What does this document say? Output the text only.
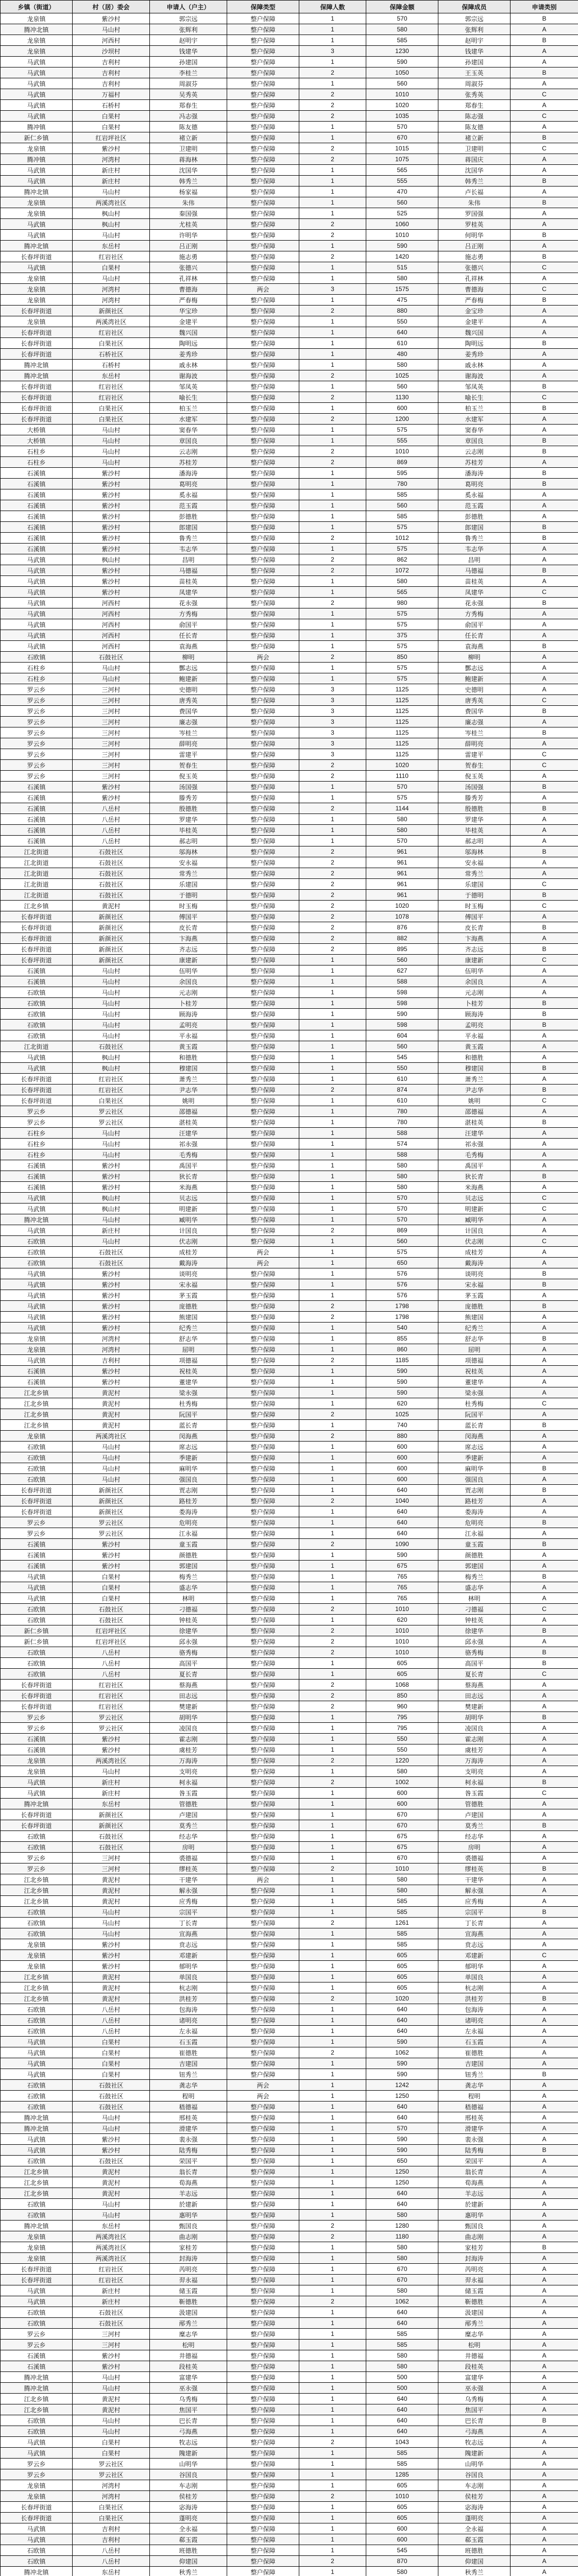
乡镇（街道）	村（居）委会	申请人（户主）	保障类型	保障人数	保障金额	保障成员	申请类别
龙泉镇	紫沙村	郭宗远	整户保障	1	570	郭宗远	B
腾冲北镇	马山村	张辉利	整户保障	1	580	张辉利	A
龙泉镇	河西村	赵明宇	整户保障	1	585	赵明宇	B
龙泉镇	沙坝村	钱建华	整户保障	3	1230	钱建华	A
马武镇	吉利村	孙建国	整户保障	1	590	孙建国	A
马武镇	吉利村	李桂兰	整户保障	2	1050	王玉英	B
马武镇	吉利村	周淑芬	整户保障	1	560	周淑芬	A
马武镇	万福村	吴秀英	整户保障	2	1010	张秀英	C
马武镇	石桥村	郑春生	整户保障	2	1020	郑春生	A
马武镇	白果村	冯志强	整户保障	2	1035	陈志强	C
腾冲镇	白果村	陈友德	整户保障	1	570	陈友德	A
新仁乡镇	红岩坪社区	褚立新	整户保障	1	670	褚立新	B
龙泉镇	紫沙村	卫建明	整户保障	2	1015	卫建明	C
腾冲镇	河湾村	蒋海林	整户保障	2	1075	蒋国庆	A
马武镇	新庄村	沈国华	整户保障	1	565	沈国华	A
马武镇	新庄村	韩秀兰	整户保障	1	555	韩秀兰	B
腾冲北镇	马山村	杨家福	整户保障	1	470	卢长福	A
龙泉镇	两溪湾社区	朱伟	整户保障	1	560	朱伟	B
龙泉镇	枫山村	秦国强	整户保障	1	525	罗国强	A
马武镇	枫山村	尤桂英	整户保障	2	1060	罗桂英	A
马武镇	马山村	许明华	整户保障	2	1010	何明华	B
腾冲北镇	东岳村	吕正刚	整户保障	1	590	吕正刚	A
长春坪街道	红岩社区	施志勇	整户保障	2	1420	施志勇	B
马武镇	白果村	张德兴	整户保障	1	515	张德兴	C
龙泉镇	马山村	孔祥林	整户保障	1	580	孔祥林	A
龙泉镇	河湾村	曹德海	两会	3	1575	曹德海	C
龙泉镇	河湾村	严春梅	整户保障	1	475	严春梅	B
长春坪街道	新颜社区	华宝珍	整户保障	2	880	金宝珍	A
龙泉镇	两溪湾社区	金建平	整户保障	1	550	金建平	A
长春坪街道	红岩社区	魏兴国	整户保障	1	640	魏兴国	A
长春坪街道	白果社区	陶明远	整户保障	1	610	陶明远	B
长春坪街道	石桥社区	姜秀珍	整户保障	1	480	姜秀珍	A
腾冲北镇	石桥村	戚永林	整户保障	1	580	戚永林	A
腾冲北镇	东岳村	谢海波	整户保障	2	1025	谢海波	A
长春坪街道	红岩社区	邹凤英	整户保障	1	560	邹凤英	B
长春坪街道	红岩社区	喻长生	整户保障	2	1130	喻长生	C
长春坪街道	白果社区	柏玉兰	整户保障	1	600	柏玉兰	B
长春坪街道	白果社区	水建军	整户保障	2	1200	水建军	A
大桥镇	马山村	窦春华	整户保障	1	575	窦春华	A
大桥镇	马山村	章国良	整户保障	1	555	章国良	B
石柱乡	马山村	云志刚	整户保障	2	1010	云志刚	B
石柱乡	马山村	苏桂芳	整户保障	2	869	苏桂芳	A
石溪镇	紫沙村	潘海涛	整户保障	1	595	潘海涛	B
石溪镇	紫沙村	葛明亮	整户保障	1	780	葛明亮	B
石溪镇	紫沙村	奚永福	整户保障	1	585	奚永福	A
石溪镇	紫沙村	范玉霞	整户保障	1	560	范玉霞	A
石溪镇	紫沙村	彭德胜	整户保障	1	585	彭德胜	A
石溪镇	紫沙村	郎建国	整户保障	1	575	郎建国	B
石溪镇	紫沙村	鲁秀兰	整户保障	2	1012	鲁秀兰	B
石溪镇	紫沙村	韦志华	整户保障	1	575	韦志华	A
马武镇	枫山村	昌明	整户保障	2	862	昌明	A
马武镇	紫沙村	马德福	整户保障	2	1072	马德福	B
马武镇	紫沙村	苗桂英	整户保障	1	580	苗桂英	A
马武镇	紫沙村	凤建华	整户保障	1	565	凤建华	C
马武镇	河西村	花永强	整户保障	2	980	花永强	B
马武镇	河西村	方秀梅	整户保障	1	575	方秀梅	A
马武镇	河西村	俞国平	整户保障	1	575	俞国平	A
马武镇	河西村	任长青	整户保障	1	375	任长青	A
马武镇	河西村	袁海燕	整户保障	1	575	袁海燕	B
石欧镇	石鼓社区	柳明	两会	2	850	柳明	A
石柱乡	马山村	酆志远	整户保障	1	575	酆志远	A
石柱乡	马山村	鲍建新	整户保障	1	575	鲍建新	A
罗云乡	三河村	史德明	整户保障	3	1125	史德明	A
罗云乡	三河村	唐秀英	整户保障	3	1125	唐秀英	C
罗云乡	三河村	费国华	整户保障	3	1125	费国华	B
罗云乡	三河村	廉志强	整户保障	3	1125	廉志强	A
罗云乡	三河村	岑桂兰	整户保障	3	1125	岑桂兰	B
罗云乡	三河村	薛明亮	整户保障	3	1125	薛明亮	A
罗云乡	三河村	雷建平	整户保障	3	1125	雷建平	C
罗云乡	三河村	贺春生	整户保障	2	1020	贺春生	C
罗云乡	三河村	倪玉英	整户保障	2	1110	倪玉英	A
石溪镇	紫沙村	汤国强	整户保障	1	570	汤国强	B
石溪镇	紫沙村	滕秀芳	整户保障	1	575	滕秀芳	A
石溪镇	八岳村	殷德胜	整户保障	2	1144	殷德胜	B
石溪镇	八岳村	罗建华	整户保障	1	580	罗建华	A
石溪镇	八岳村	毕桂英	整户保障	1	580	毕桂英	A
石溪镇	八岳村	郝志明	整户保障	1	570	郝志明	A
江北街道	石鼓社区	邬海林	整户保障	2	961	邬海林	B
江北街道	石鼓社区	安永福	整户保障	2	961	安永福	A
江北街道	石鼓社区	常秀兰	整户保障	2	961	常秀兰	A
江北街道	石鼓社区	乐建国	整户保障	2	961	乐建国	C
江北街道	石鼓社区	于德明	整户保障	2	961	于德明	B
江北乡镇	黄泥村	时玉梅	整户保障	2	1020	时玉梅	C
长春坪街道	新颜社区	傅国平	整户保障	2	1078	傅国平	A
长春坪街道	新颜社区	皮长青	整户保障	2	876	皮长青	B
长春坪街道	新颜社区	卞海燕	整户保障	2	882	卞海燕	A
长春坪街道	新颜社区	齐志远	整户保障	2	895	齐志远	B
长春坪街道	新颜社区	康建新	整户保障	1	560	康建新	C
石溪镇	马山村	伍明华	整户保障	1	627	伍明华	A
石溪镇	马山村	余国良	整户保障	1	588	余国良	A
石欧镇	马山村	元志刚	整户保障	1	598	元志刚	A
石欧镇	马山村	卜桂芳	整户保障	1	598	卜桂芳	B
石欧镇	马山村	顾海涛	整户保障	1	590	顾海涛	B
石欧镇	马山村	孟明亮	整户保障	1	598	孟明亮	B
石欧镇	马山村	平永福	整户保障	1	604	平永福	A
江北街道	石鼓社区	黄玉霞	整户保障	1	560	黄玉霞	A
马武镇	枫山村	和德胜	整户保障	1	545	和德胜	A
马武镇	枫山村	穆建国	整户保障	1	550	穆建国	B
长春坪街道	红岩社区	萧秀兰	整户保障	1	610	萧秀兰	A
长春坪街道	红岩社区	尹志华	整户保障	2	874	尹志华	B
长春坪街道	白果社区	姚明	整户保障	1	610	姚明	C
罗云乡	罗云社区	邵德福	整户保障	1	780	邵德福	A
罗云乡	罗云社区	湛桂英	整户保障	1	780	湛桂英	B
石柱乡	马山村	汪建华	整户保障	1	588	汪建华	A
石柱乡	马山村	祁永强	整户保障	1	574	祁永强	A
石柱乡	马山村	毛秀梅	整户保障	1	588	毛秀梅	A
石溪镇	紫沙村	禹国平	整户保障	1	580	禹国平	A
石溪镇	紫沙村	狄长青	整户保障	1	580	狄长青	B
石溪镇	紫沙村	米海燕	整户保障	1	580	米海燕	A
马武镇	枫山村	贝志远	整户保障	1	570	贝志远	C
马武镇	枫山村	明建新	整户保障	1	570	明建新	C
腾冲北镇	马山村	臧明华	整户保障	1	570	臧明华	A
马武镇	新庄村	计国良	整户保障	2	869	计国良	A
石欧镇	马山村	伏志刚	整户保障	1	560	伏志刚	C
石欧镇	石鼓社区	成桂芳	两会	1	575	成桂芳	A
石欧镇	石鼓社区	戴海涛	两会	1	650	戴海涛	A
马武镇	紫沙村	谈明亮	整户保障	1	576	谈明亮	B
马武镇	紫沙村	宋永福	整户保障	1	576	宋永福	B
马武镇	紫沙村	茅玉霞	整户保障	1	576	茅玉霞	A
马武镇	紫沙村	庞德胜	整户保障	2	1798	庞德胜	B
马武镇	紫沙村	熊建国	整户保障	2	1798	熊建国	A
马武镇	紫沙村	纪秀兰	整户保障	1	540	纪秀兰	A
龙泉镇	河湾村	舒志华	整户保障	1	855	舒志华	B
龙泉镇	河湾村	屈明	整户保障	1	860	屈明	A
马武镇	吉利村	项德福	整户保障	2	1185	项德福	A
石溪镇	紫沙村	祝桂英	整户保障	1	590	祝桂英	A
石溪镇	紫沙村	董建华	整户保障	1	590	董建华	A
江北乡镇	黄泥村	梁永强	整户保障	1	590	梁永强	A
江北乡镇	黄泥村	杜秀梅	整户保障	1	620	杜秀梅	C
江北乡镇	黄泥村	阮国平	整户保障	2	1025	阮国平	A
江北乡镇	黄泥村	蓝长青	整户保障	1	740	蓝长青	B
龙泉镇	两溪湾社区	闵海燕	整户保障	2	880	闵海燕	A
石欧镇	马山村	席志远	整户保障	1	600	席志远	A
石欧镇	马山村	季建新	整户保障	1	600	季建新	A
石欧镇	马山村	麻明华	整户保障	1	600	麻明华	B
石欧镇	马山村	强国良	整户保障	1	600	强国良	A
长春坪街道	新颜社区	贾志刚	整户保障	1	640	贾志刚	B
长春坪街道	新颜社区	路桂芳	整户保障	2	1040	路桂芳	A
长春坪街道	新颜社区	娄海涛	整户保障	1	640	娄海涛	A
罗云乡	罗云社区	危明亮	整户保障	1	640	危明亮	B
罗云乡	罗云社区	江永福	整户保障	1	640	江永福	A
石溪镇	紫沙村	童玉霞	整户保障	2	1090	童玉霞	B
石溪镇	紫沙村	颜德胜	整户保障	1	590	颜德胜	A
石溪镇	紫沙村	郭建国	整户保障	1	675	郭建国	A
马武镇	白果村	梅秀兰	整户保障	1	765	梅秀兰	B
马武镇	白果村	盛志华	整户保障	1	765	盛志华	A
马武镇	白果村	林明	整户保障	1	765	林明	A
石欧镇	石鼓社区	刁德福	整户保障	2	1010	刁德福	C
石欧镇	石鼓社区	钟桂英	整户保障	1	620	钟桂英	A
新仁乡镇	红岩坪社区	徐建华	整户保障	2	1010	徐建华	B
新仁乡镇	红岩坪社区	邱永强	整户保障	2	1010	邱永强	A
石欧镇	八岳村	骆秀梅	整户保障	2	1010	骆秀梅	B
石欧镇	八岳村	高国平	整户保障	1	605	高国平	B
石欧镇	八岳村	夏长青	整户保障	1	605	夏长青	C
长春坪街道	红岩社区	蔡海燕	整户保障	2	1068	蔡海燕	A
长春坪街道	红岩社区	田志远	整户保障	2	850	田志远	A
长春坪街道	红岩社区	樊建新	整户保障	2	960	樊建新	A
罗云乡	罗云社区	胡明华	整户保障	1	795	胡明华	B
罗云乡	罗云社区	凌国良	整户保障	1	795	凌国良	A
石溪镇	紫沙村	霍志刚	整户保障	1	550	霍志刚	A
石溪镇	紫沙村	虞桂芳	整户保障	1	550	虞桂芳	A
龙泉镇	两溪湾社区	万海涛	整户保障	2	1220	万海涛	A
龙泉镇	马山村	支明亮	整户保障	1	580	支明亮	A
马武镇	新庄村	柯永福	整户保障	2	1002	柯永福	B
马武镇	新庄村	昝玉霞	整户保障	1	600	昝玉霞	C
腾冲北镇	东岳村	管德胜	整户保障	1	600	管德胜	A
长春坪街道	新颜社区	卢建国	整户保障	1	670	卢建国	A
长春坪街道	新颜社区	莫秀兰	整户保障	1	670	莫秀兰	B
石欧镇	石鼓社区	经志华	整户保障	1	675	经志华	A
石欧镇	石鼓社区	房明	整户保障	1	675	房明	A
罗云乡	三河村	裘德福	整户保障	1	670	裘德福	A
罗云乡	三河村	缪桂英	整户保障	2	1010	缪桂英	B
江北乡镇	黄泥村	干建华	两会	1	580	干建华	A
江北乡镇	黄泥村	解永强	整户保障	1	580	解永强	A
江北乡镇	黄泥村	应秀梅	整户保障	1	585	应秀梅	A
石欧镇	马山村	宗国平	整户保障	1	585	宗国平	B
石欧镇	马山村	丁长青	整户保障	2	1261	丁长青	A
石欧镇	马山村	宣海燕	整户保障	1	585	宣海燕	A
龙泉镇	紫沙村	贲志远	整户保障	1	585	贲志远	A
龙泉镇	紫沙村	邓建新	整户保障	1	605	邓建新	C
龙泉镇	紫沙村	郁明华	整户保障	1	605	郁明华	A
江北乡镇	黄泥村	单国良	整户保障	1	605	单国良	A
江北乡镇	黄泥村	杭志刚	整户保障	1	605	杭志刚	A
江北乡镇	黄泥村	洪桂芳	整户保障	2	1020	洪桂芳	B
石欧镇	八岳村	包海涛	整户保障	1	640	包海涛	A
石欧镇	八岳村	诸明亮	整户保障	1	640	诸明亮	A
石欧镇	八岳村	左永福	整户保障	1	640	左永福	A
马武镇	白果村	石玉霞	整户保障	1	590	石玉霞	A
马武镇	白果村	崔德胜	整户保障	2	1062	崔德胜	A
马武镇	白果村	吉建国	整户保障	1	590	吉建国	A
马武镇	白果村	钮秀兰	整户保障	1	590	钮秀兰	B
石欧镇	石鼓社区	龚志华	两会	1	1242	龚志华	A
石欧镇	石鼓社区	程明	两会	1	1250	程明	A
石欧镇	石鼓社区	嵇德福	整户保障	1	640	嵇德福	A
腾冲北镇	马山村	邢桂英	整户保障	1	640	邢桂英	A
腾冲北镇	马山村	滑建华	整户保障	1	570	滑建华	A
马武镇	紫沙村	裴永强	整户保障	1	590	裴永强	A
马武镇	紫沙村	陆秀梅	整户保障	1	590	陆秀梅	B
石欧镇	石鼓社区	荣国平	整户保障	1	650	荣国平	A
江北乡镇	黄泥村	翁长青	整户保障	1	1250	翁长青	A
江北乡镇	黄泥村	荀海燕	整户保障	1	1250	荀海燕	A
江北乡镇	黄泥村	羊志远	整户保障	1	640	羊志远	A
石欧镇	马山村	於建新	整户保障	1	640	於建新	A
石欧镇	马山村	惠明华	整户保障	1	580	惠明华	A
腾冲北镇	东岳村	甄国良	整户保障	2	1280	甄国良	A
龙泉镇	两溪湾社区	曲志刚	整户保障	2	1180	曲志刚	A
龙泉镇	两溪湾社区	家桂芳	整户保障	1	580	家桂芳	B
龙泉镇	两溪湾社区	封海涛	整户保障	1	580	封海涛	A
长春坪街道	红岩社区	芮明亮	整户保障	1	670	芮明亮	A
长春坪街道	红岩社区	羿永福	整户保障	1	670	羿永福	A
马武镇	新庄村	储玉霞	整户保障	1	580	储玉霞	A
马武镇	新庄村	靳德胜	整户保障	2	1062	靳德胜	A
石欧镇	石鼓社区	汲建国	整户保障	1	640	汲建国	A
石欧镇	石鼓社区	邴秀兰	整户保障	1	640	邴秀兰	A
罗云乡	三河村	糜志华	整户保障	1	585	糜志华	A
罗云乡	三河村	松明	整户保障	1	585	松明	A
石溪镇	紫沙村	井德福	整户保障	1	580	井德福	A
石溪镇	紫沙村	段桂英	整户保障	1	580	段桂英	A
腾冲北镇	马山村	富建华	整户保障	1	500	富建华	A
腾冲北镇	马山村	巫永强	整户保障	1	500	巫永强	A
江北乡镇	黄泥村	乌秀梅	整户保障	1	640	乌秀梅	A
江北乡镇	黄泥村	焦国平	整户保障	1	640	焦国平	A
石欧镇	马山村	巴长青	整户保障	1	640	巴长青	B
石欧镇	马山村	弓海燕	整户保障	1	640	弓海燕	A
马武镇	白果村	牧志远	整户保障	2	1043	牧志远	A
马武镇	白果村	隗建新	整户保障	1	585	隗建新	A
罗云乡	罗云社区	山明华	整户保障	1	585	山明华	A
罗云乡	罗云社区	谷国良	整户保障	1	1285	谷国良	A
龙泉镇	河湾村	车志刚	整户保障	1	605	车志刚	A
龙泉镇	河湾村	侯桂芳	整户保障	2	1010	侯桂芳	A
长春坪街道	白果社区	宓海涛	整户保障	1	605	宓海涛	A
长春坪街道	白果社区	蓬明亮	整户保障	1	605	蓬明亮	A
马武镇	吉利村	全永福	整户保障	1	600	全永福	A
马武镇	吉利村	郗玉霞	整户保障	1	600	郗玉霞	A
石欧镇	八岳村	班德胜	整户保障	1	545	班德胜	A
石欧镇	八岳村	仰建国	整户保障	2	870	仰建国	A
腾冲北镇	东岳村	秋秀兰	整户保障	1	580	秋秀兰	A
